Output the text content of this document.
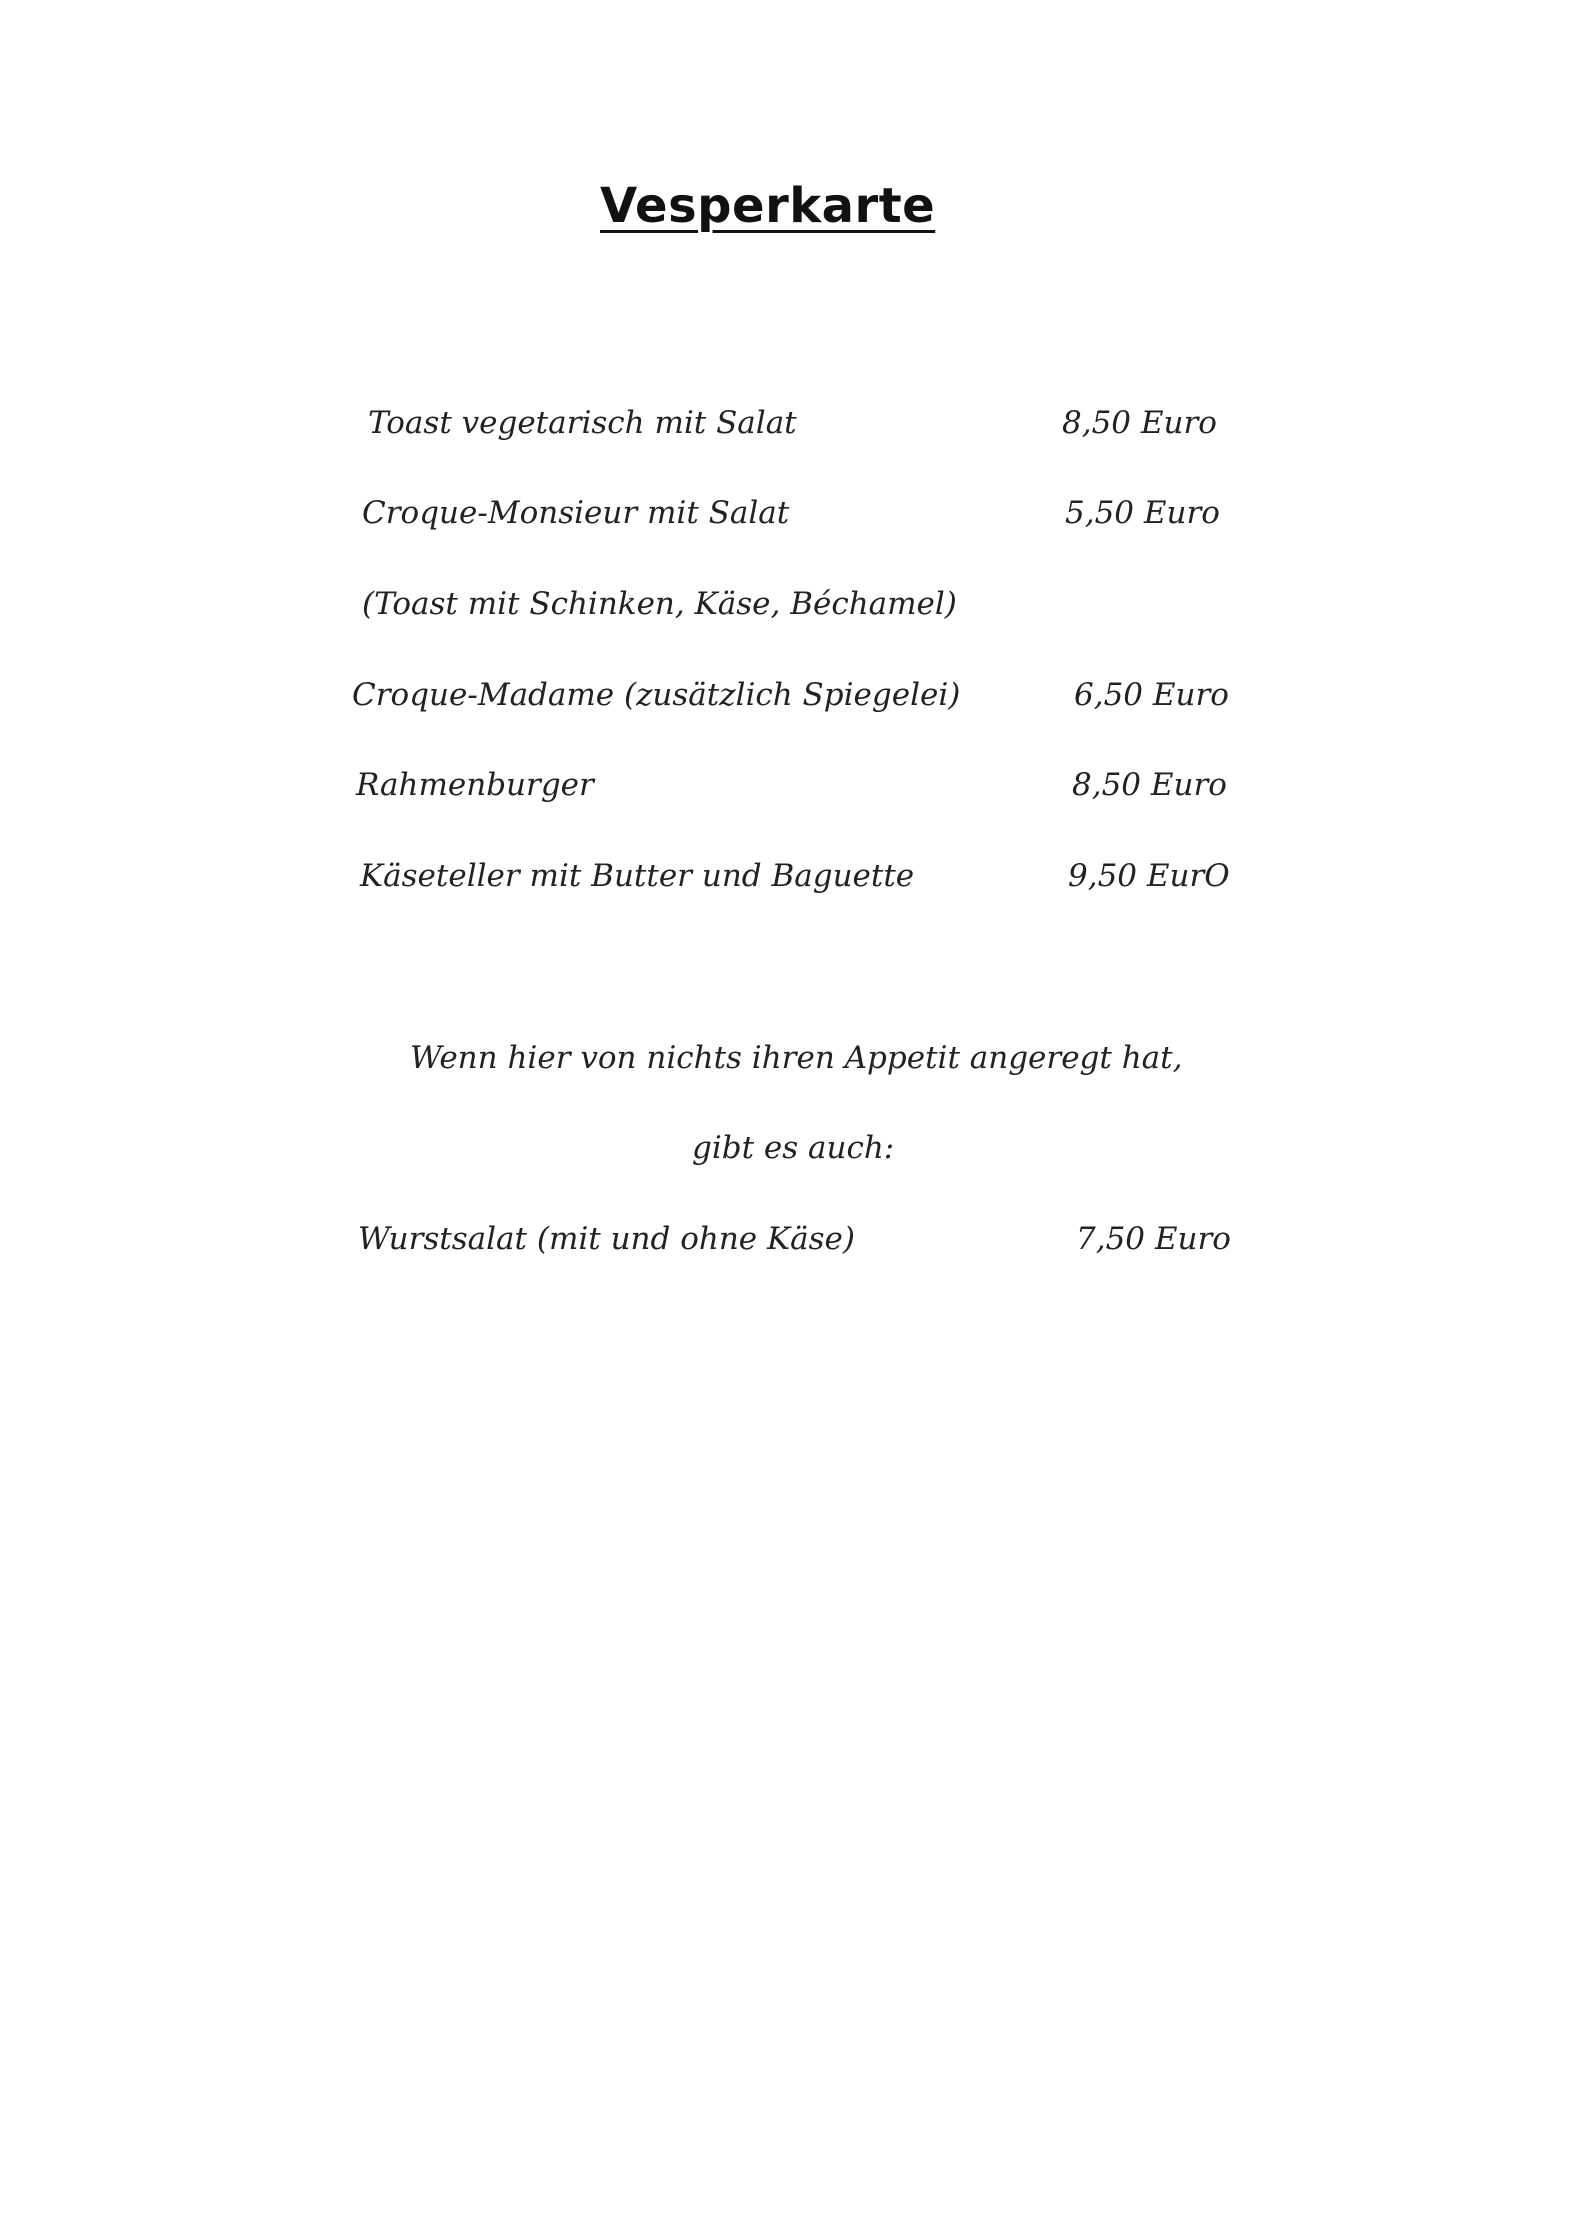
Vesperkarte
Toast vegetarisch mit Salat	8,50 Euro
Croque-Monsieur mit Salat	5,50 Euro
(Toast mit Schinken, Käse, Béchamel)
Croque-Madame (zusätzlich Spiegelei)	6,50 Euro
Rahmenburger	8,50 Euro
Käseteller mit Butter und Baguette	9,50 EurO
Wenn hier von nichts ihren Appetit angeregt hat,
gibt es auch:
Wurstsalat (mit und ohne Käse)	7,50 Euro
